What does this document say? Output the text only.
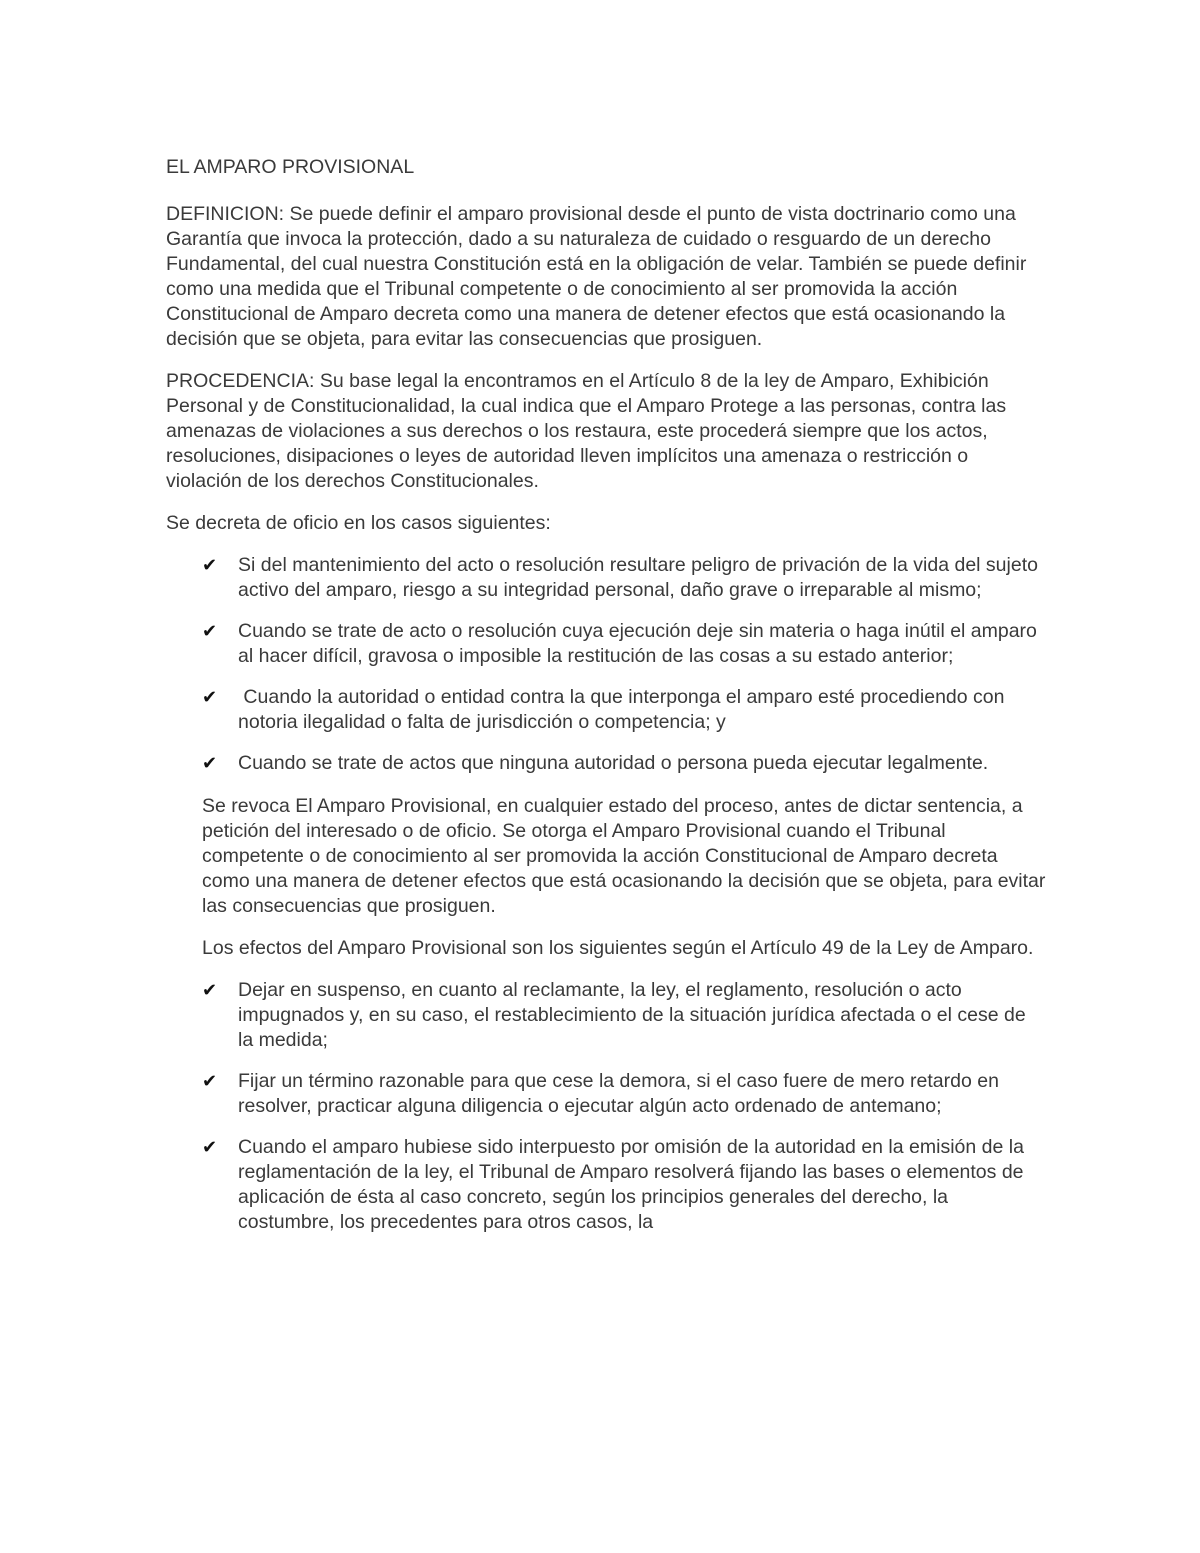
EL AMPARO PROVISIONAL

DEFINICION: Se puede definir el amparo provisional desde el punto de vista doctrinario como una Garantía que invoca la protección, dado a su naturaleza de cuidado o resguardo de un derecho Fundamental, del cual nuestra Constitución está en la obligación de velar. También se puede definir como una medida que el Tribunal competente o de conocimiento al ser promovida la acción Constitucional de Amparo decreta como una manera de detener efectos que está ocasionando la decisión que se objeta, para evitar las consecuencias que prosiguen.

PROCEDENCIA: Su base legal la encontramos en el Artículo 8 de la ley de Amparo, Exhibición Personal y de Constitucionalidad, la cual indica que el Amparo Protege a las personas, contra las amenazas de violaciones a sus derechos o los restaura, este procederá siempre que los actos, resoluciones, disipaciones o leyes de autoridad lleven implícitos una amenaza o restricción o violación de los derechos Constitucionales.

Se decreta de oficio en los casos siguientes:

✔ Si del mantenimiento del acto o resolución resultare peligro de privación de la vida del sujeto activo del amparo, riesgo a su integridad personal, daño grave o irreparable al mismo;
✔ Cuando se trate de acto o resolución cuya ejecución deje sin materia o haga inútil el amparo al hacer difícil, gravosa o imposible la restitución de las cosas a su estado anterior;
✔ Cuando la autoridad o entidad contra la que interponga el amparo esté procediendo con notoria ilegalidad o falta de jurisdicción o competencia; y
✔ Cuando se trate de actos que ninguna autoridad o persona pueda ejecutar legalmente.

Se revoca El Amparo Provisional, en cualquier estado del proceso, antes de dictar sentencia, a petición del interesado o de oficio. Se otorga el Amparo Provisional cuando el Tribunal competente o de conocimiento al ser promovida la acción Constitucional de Amparo decreta como una manera de detener efectos que está ocasionando la decisión que se objeta, para evitar las consecuencias que prosiguen.

Los efectos del Amparo Provisional son los siguientes según el Artículo 49 de la Ley de Amparo.

✔ Dejar en suspenso, en cuanto al reclamante, la ley, el reglamento, resolución o acto impugnados y, en su caso, el restablecimiento de la situación jurídica afectada o el cese de la medida;
✔ Fijar un término razonable para que cese la demora, si el caso fuere de mero retardo en resolver, practicar alguna diligencia o ejecutar algún acto ordenado de antemano;
✔ Cuando el amparo hubiese sido interpuesto por omisión de la autoridad en la emisión de la reglamentación de la ley, el Tribunal de Amparo resolverá fijando las bases o elementos de aplicación de ésta al caso concreto, según los principios generales del derecho, la costumbre, los precedentes para otros casos, la
